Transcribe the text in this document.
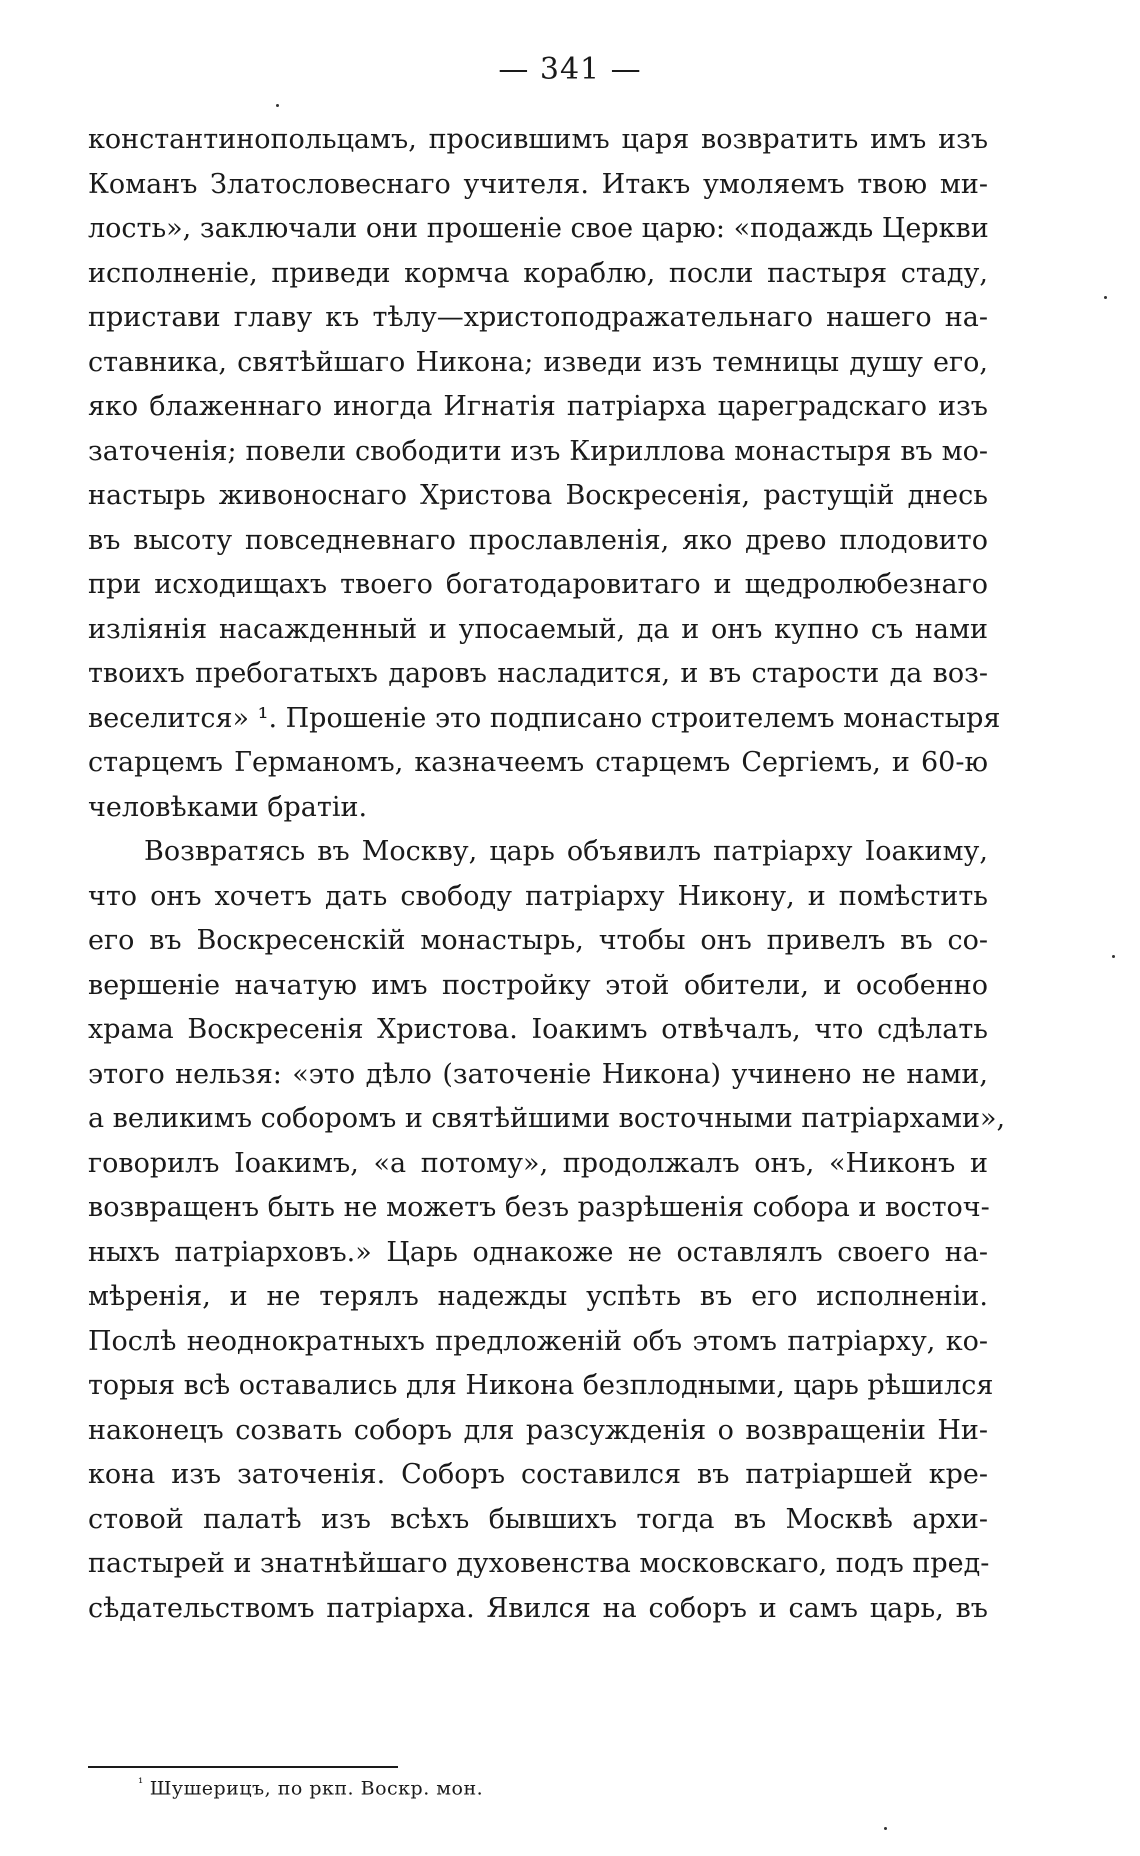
— 341 —
константинопольцамъ, просившимъ царя возвратить имъ изъ
Команъ Златословеснаго учителя. Итакъ умоляемъ твою ми-
лость», заключали они прошеніе свое царю: «подаждь Церкви
исполненіе, приведи кормча кораблю, посли пастыря стаду,
пристави главу къ тѣлу—христоподражательнаго нашего на-
ставника, святѣйшаго Никона; изведи изъ темницы душу его,
яко блаженнаго иногда Игнатія патріарха цареградскаго изъ
заточенія; повели свободити изъ Кириллова монастыря въ мо-
настырь живоноснаго Христова Воскресенія, растущій днесь
въ высоту повседневнаго прославленія, яко древо плодовито
при исходищахъ твоего богатодаровитаго и щедролюбезнаго
изліянія насажденный и упосаемый, да и онъ купно съ нами
твоихъ пребогатыхъ даровъ насладится, и въ старости да воз-
веселится» ¹. Прошеніе это подписано строителемъ монастыря
старцемъ Германомъ, казначеемъ старцемъ Сергіемъ, и 60-ю
человѣками братіи.
Возвратясь въ Москву, царь объявилъ патріарху Іоакиму,
что онъ хочетъ дать свободу патріарху Никону, и помѣстить
его въ Воскресенскій монастырь, чтобы онъ привелъ въ со-
вершеніе начатую имъ постройку этой обители, и особенно
храма Воскресенія Христова. Іоакимъ отвѣчалъ, что сдѣлать
этого нельзя: «это дѣло (заточеніе Никона) учинено не нами,
а великимъ соборомъ и святѣйшими восточными патріархами»,
говорилъ Іоакимъ, «а потому», продолжалъ онъ, «Никонъ и
возвращенъ быть не можетъ безъ разрѣшенія собора и восточ-
ныхъ патріарховъ.» Царь однакожe не оставлялъ своего на-
мѣренія, и не терялъ надежды успѣть въ его исполненіи.
Послѣ неоднократныхъ предложеній объ этомъ патріарху, ко-
торыя всѣ оставались для Никона безплодными, царь рѣшился
наконецъ созвать соборъ для разсужденія о возвращеніи Ни-
кона изъ заточенія. Соборъ составился въ патріаршей кре-
стовой палатѣ изъ всѣхъ бывшихъ тогда въ Москвѣ архи-
пастырей и знатнѣйшаго духовенства московскаго, подъ пред-
сѣдательствомъ патріарха. Явился на соборъ и самъ царь, въ
$^{^1}$ Шушерицъ, по ркп. Воскр. мон.
